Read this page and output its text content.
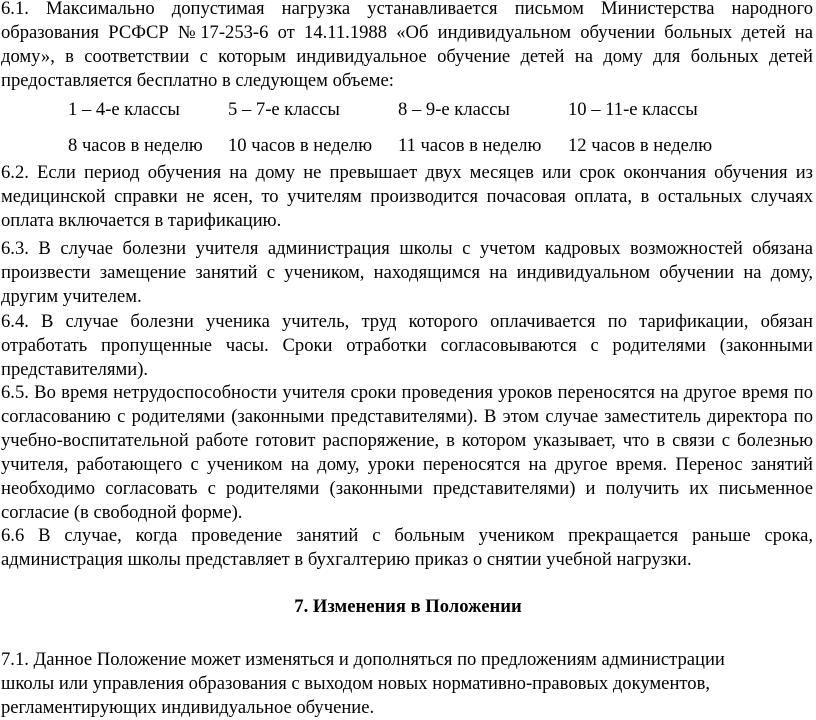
6.1. Максимально допустимая нагрузка устанавливается письмом Министерства народного образования РСФСР №17-253-6 от 14.11.1988 «Об индивидуальном обучении больных детей на дому», в соответствии с которым индивидуальное обучение детей на дому для больных детей предоставляется бесплатно в следующем объеме:

1 – 4-е классы	5 – 7-е классы	8 – 9-е классы	10 – 11-е классы
8 часов в неделю 10 часов в неделю 11 часов в неделю 12 часов в неделю

6.2. Если период обучения на дому не превышает двух месяцев или срок окончания обучения из медицинской справки не ясен, то учителям производится почасовая оплата, в остальных случаях оплата включается в тарификацию.

6.3. В случае болезни учителя администрация школы с учетом кадровых возможностей обязана произвести замещение занятий с учеником, находящимся на индивидуальном обучении на дому, другим учителем.

6.4. В случае болезни ученика учитель, труд которого оплачивается по тарификации, обязан отработать пропущенные часы. Сроки отработки согласовываются с родителями (законными представителями).

6.5. Во время нетрудоспособности учителя сроки проведения уроков переносятся на другое время по согласованию с родителями (законными представителями). В этом случае заместитель директора по учебно-воспитательной работе готовит распоряжение, в котором указывает, что в связи с болезнью учителя, работающего с учеником на дому, уроки переносятся на другое время. Перенос занятий необходимо согласовать с родителями (законными представителями) и получить их письменное согласие (в свободной форме).

6.6 В случае, когда проведение занятий с больным учеником прекращается раньше срока, администрация школы представляет в бухгалтерию приказ о снятии учебной нагрузки.

7. Изменения в Положении

7.1. Данное Положение может изменяться и дополняться по предложениям администрации школы или управления образования с выходом новых нормативно-правовых документов, регламентирующих индивидуальное обучение.
